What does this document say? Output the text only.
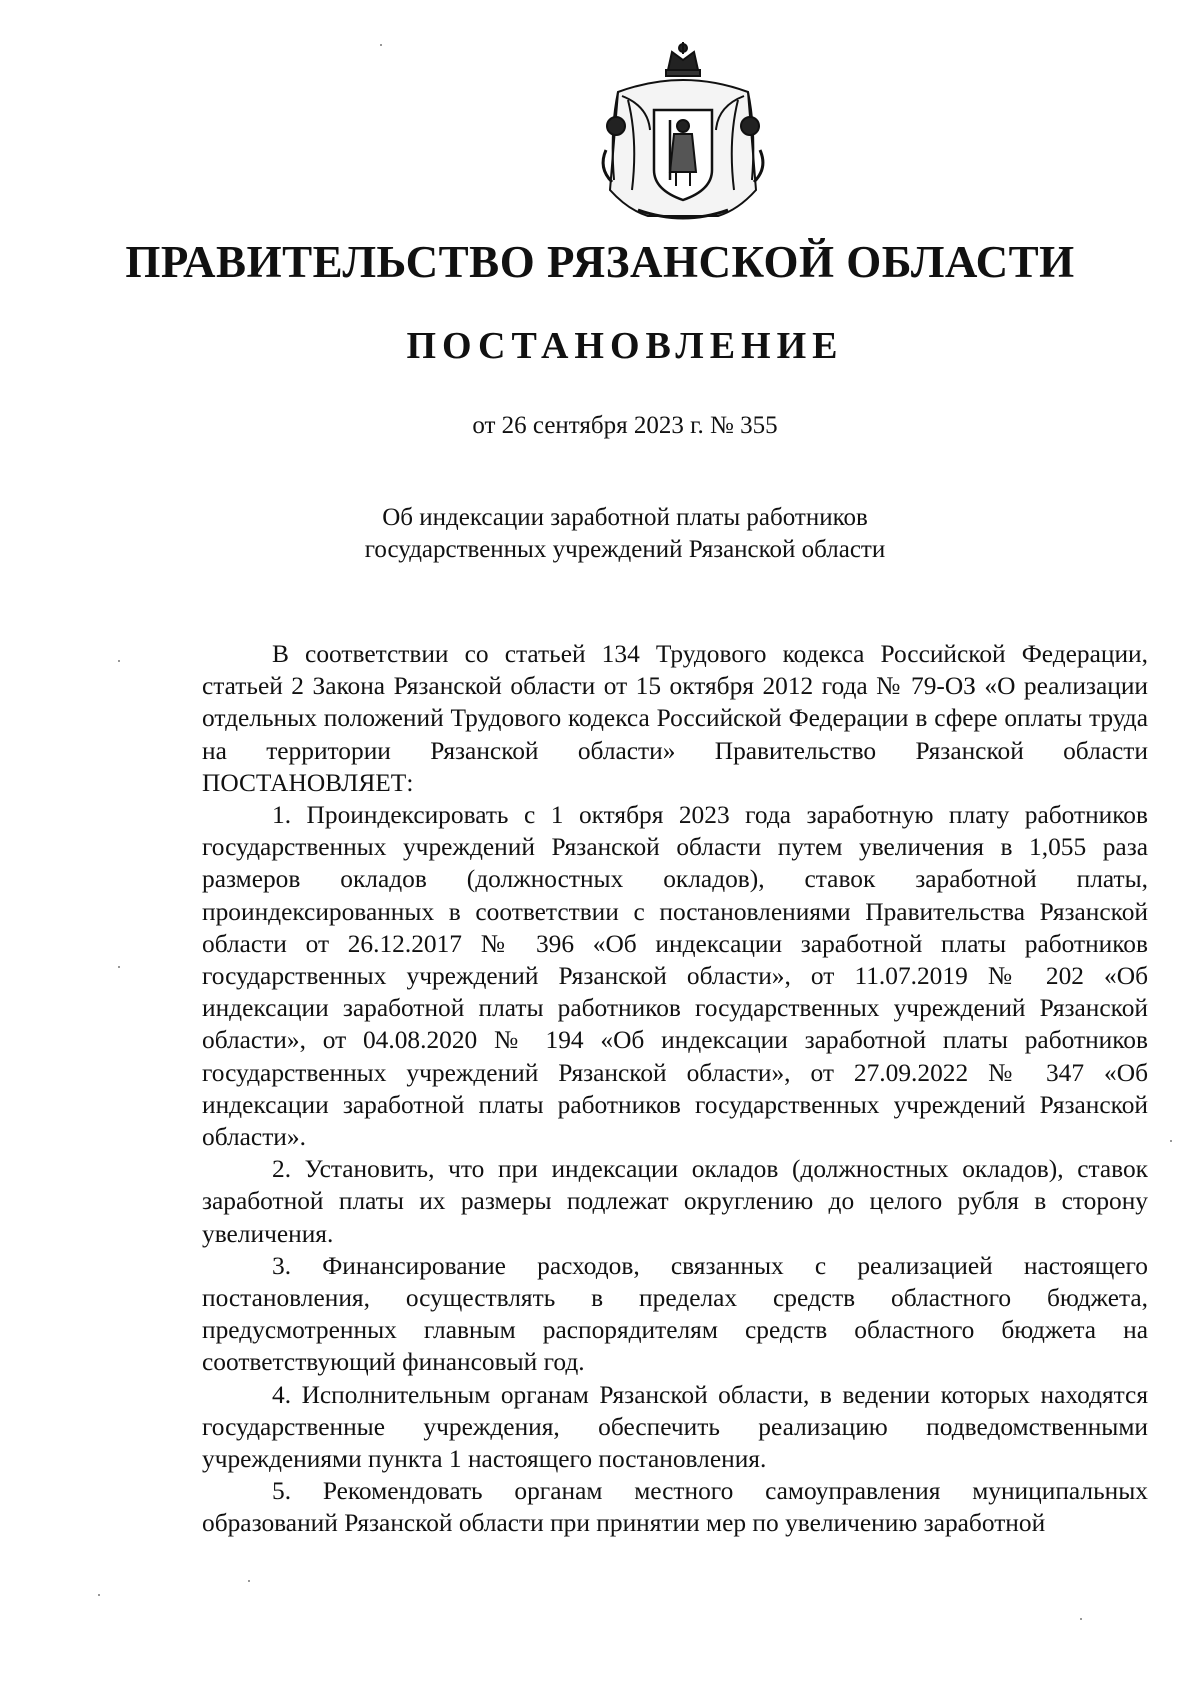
ПРАВИТЕЛЬСТВО РЯЗАНСКОЙ ОБЛАСТИ
ПОСТАНОВЛЕНИЕ
от 26 сентября 2023 г. № 355
Об индексации заработной платы работников
государственных учреждений Рязанской области

В соответствии со статьей 134 Трудового кодекса Российской Федерации, статьей 2 Закона Рязанской области от 15 октября 2012 года № 79-ОЗ «О реализации отдельных положений Трудового кодекса Российской Федерации в сфере оплаты труда на территории Рязанской области» Правительство Рязанской области ПОСТАНОВЛЯЕТ:

1. Проиндексировать с 1 октября 2023 года заработную плату работников государственных учреждений Рязанской области путем увеличения в 1,055 раза размеров окладов (должностных окладов), ставок заработной платы, проиндексированных в соответствии с постановлениями Правительства Рязанской области от 26.12.2017 № 396 «Об индексации заработной платы работников государственных учреждений Рязанской области», от 11.07.2019 № 202 «Об индексации заработной платы работников государственных учреждений Рязанской области», от 04.08.2020 № 194 «Об индексации заработной платы работников государственных учреждений Рязанской области», от 27.09.2022 № 347 «Об индексации заработной платы работников государственных учреждений Рязанской области».

2. Установить, что при индексации окладов (должностных окладов), ставок заработной платы их размеры подлежат округлению до целого рубля в сторону увеличения.

3. Финансирование расходов, связанных с реализацией настоящего постановления, осуществлять в пределах средств областного бюджета, предусмотренных главным распорядителям средств областного бюджета на соответствующий финансовый год.

4. Исполнительным органам Рязанской области, в ведении которых находятся государственные учреждения, обеспечить реализацию подведомственными учреждениями пункта 1 настоящего постановления.

5. Рекомендовать органам местного самоуправления муниципальных образований Рязанской области при принятии мер по увеличению заработной
